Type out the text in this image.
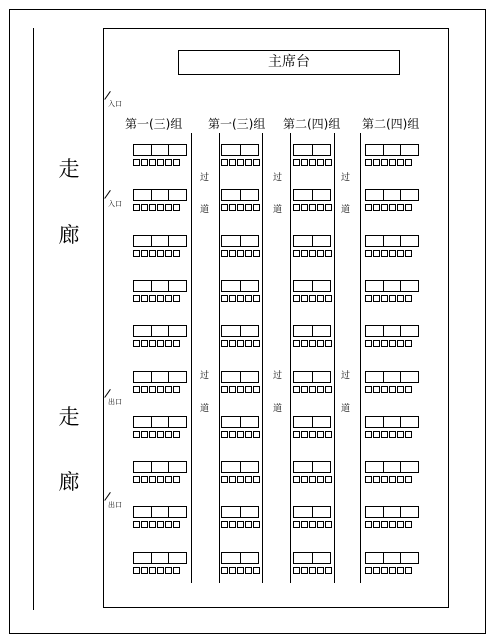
走
廊
走
廊
主席台
第一(三)组 第一(三)组 第二(四)组 第二(四)组
过
道
过
道
过
道
过
道
过
道
过
道
入口
入口
出口
出口
